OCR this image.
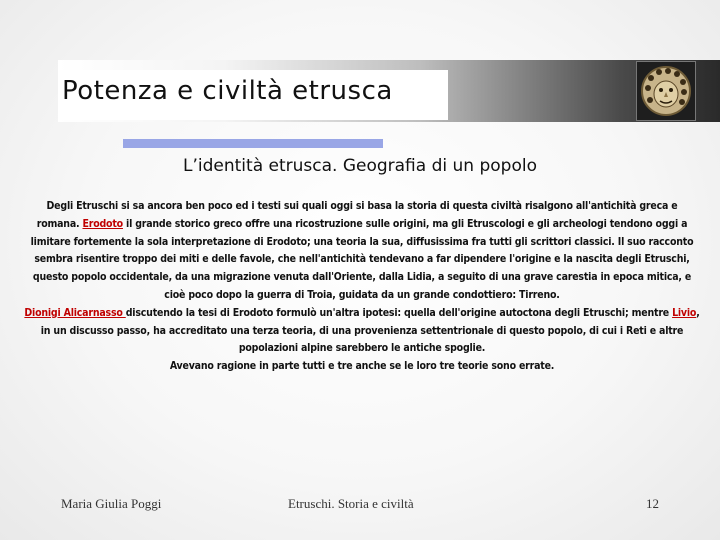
Potenza e civiltà etrusca
L’identità etrusca. Geografia di un popolo

Degli Etruschi si sa ancora ben poco ed i testi sui quali oggi si basa la storia di questa civiltà risalgono all'antichità greca e romana. Erodoto il grande storico greco offre una ricostruzione sulle origini, ma gli Etruscologi e gli archeologi tendono oggi a limitare fortemente la sola interpretazione di Erodoto; una teoria la sua, diffusissima fra tutti gli scrittori classici. Il suo racconto sembra risentire troppo dei miti e delle favole, che nell'antichità tendevano a far dipendere l'origine e la nascita degli Etruschi, questo popolo occidentale, da una migrazione venuta dall'Oriente, dalla Lidia, a seguito di una grave carestia in epoca mitica, e cioè poco dopo la guerra di Troia, guidata da un grande condottiero: Tirreno.

Dionigi Alicarnasso discutendo la tesi di Erodoto formulò un'altra ipotesi: quella dell'origine autoctona degli Etruschi; mentre Livio, in un discusso passo, ha accreditato una terza teoria, di una provenienza settentrionale di questo popolo, di cui i Reti e altre popolazioni alpine sarebbero le antiche spoglie.

Avevano ragione in parte tutti e tre anche se le loro tre teorie sono errate.

Maria Giulia Poggi	Etruschi. Storia e civiltà	12
